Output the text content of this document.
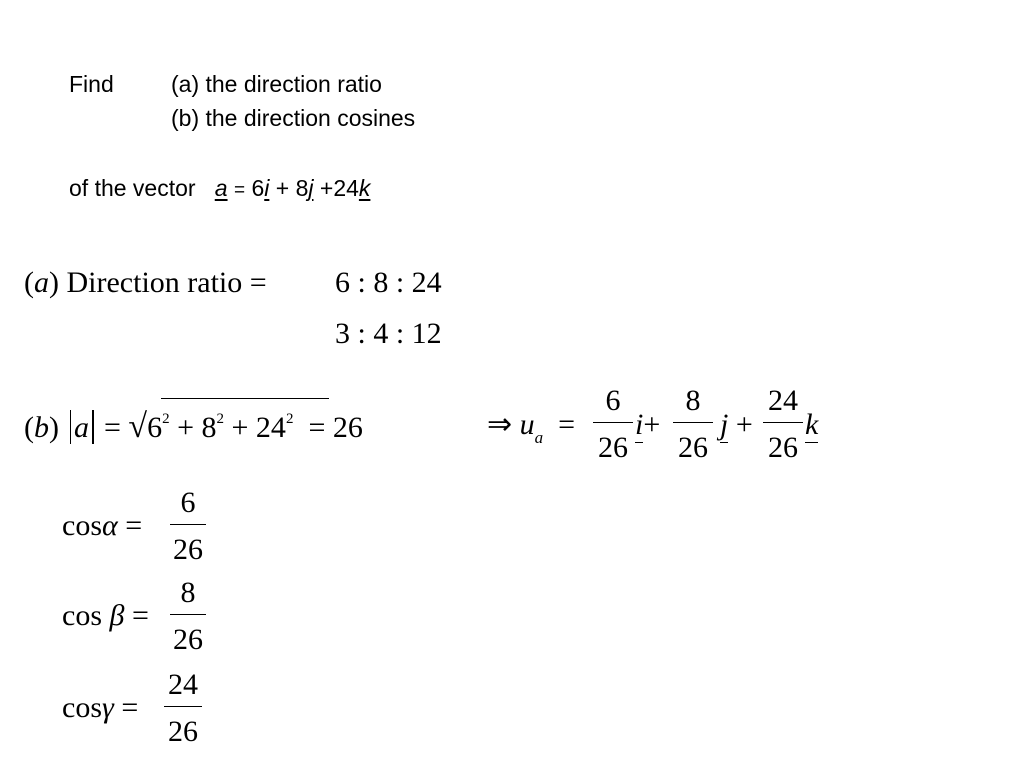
Find (a) the direction ratio
(b) the direction cosines
of the vector a = 6i + 8j +24k
(a) Direction ratio = 6 : 8 : 24
3 : 4 : 12
(b) $a = √6^2 + 8^2 + 24^2 = 26$	⇒ $u_a$ =
6
26
i+
8
26
j +
24
26
k
cosα =
6
26
cos β =
8
26
cosγ =
24
26
